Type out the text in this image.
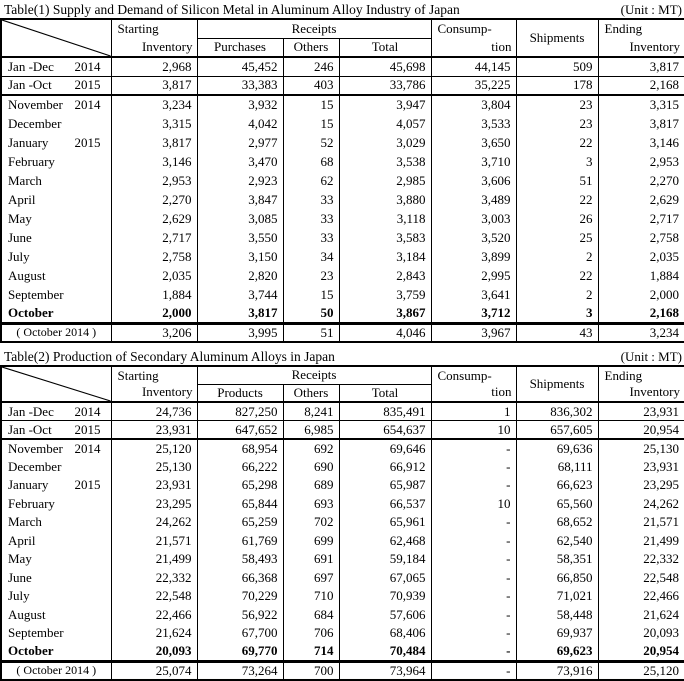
Table(1) Supply and Demand of Silicon Metal in Aluminum Alloy Industry of Japan	(Unit : MT)

Starting
Inventory	Receipts			Consump-
tion	Shipments	Ending
Inventory

		Purchases	Others	Total			

Jan -Dec 2014	2,968	45,452	246	45,698	44,145	509	3,817

Jan -Oct 2015	3,817	33,383	403	33,786	35,225	178	2,168

November 2014	3,234	3,932	15	3,947	3,804	23	3,315

December	3,315	4,042	15	4,057	3,533	23	3,817

January 2015	3,817	2,977	52	3,029	3,650	22	3,146

February	3,146	3,470	68	3,538	3,710	3	2,953

March	2,953	2,923	62	2,985	3,606	51	2,270

April	2,270	3,847	33	3,880	3,489	22	2,629

May	2,629	3,085	33	3,118	3,003	26	2,717

June	2,717	3,550	33	3,583	3,520	25	2,758

July	2,758	3,150	34	3,184	3,899	2	2,035

August	2,035	2,820	23	2,843	2,995	22	1,884

September	1,884	3,744	15	3,759	3,641	2	2,000

October	2,000	3,817	50	3,867	3,712	3	2,168

( October 2014 )	3,206	3,995	51	4,046	3,967	43	3,234
Table(2) Production of Secondary Aluminum Alloys in Japan	(Unit : MT)

Starting
Inventory	Receipts			Consump-
tion	Shipments	Ending
Inventory

		Products	Others	Total			

Jan -Dec 2014	24,736	827,250	8,241	835,491	1	836,302	23,931

Jan -Oct 2015	23,931	647,652	6,985	654,637	10	657,605	20,954

November 2014	25,120	68,954	692	69,646	-	69,636	25,130

December	25,130	66,222	690	66,912	-	68,111	23,931

January 2015	23,931	65,298	689	65,987	-	66,623	23,295

February	23,295	65,844	693	66,537	10	65,560	24,262

March	24,262	65,259	702	65,961	-	68,652	21,571

April	21,571	61,769	699	62,468	-	62,540	21,499

May	21,499	58,493	691	59,184	-	58,351	22,332

June	22,332	66,368	697	67,065	-	66,850	22,548

July	22,548	70,229	710	70,939	-	71,021	22,466

August	22,466	56,922	684	57,606	-	58,448	21,624

September	21,624	67,700	706	68,406	-	69,937	20,093

October	20,093	69,770	714	70,484	-	69,623	20,954

( October 2014 )	25,074	73,264	700	73,964	-	73,916	25,120
